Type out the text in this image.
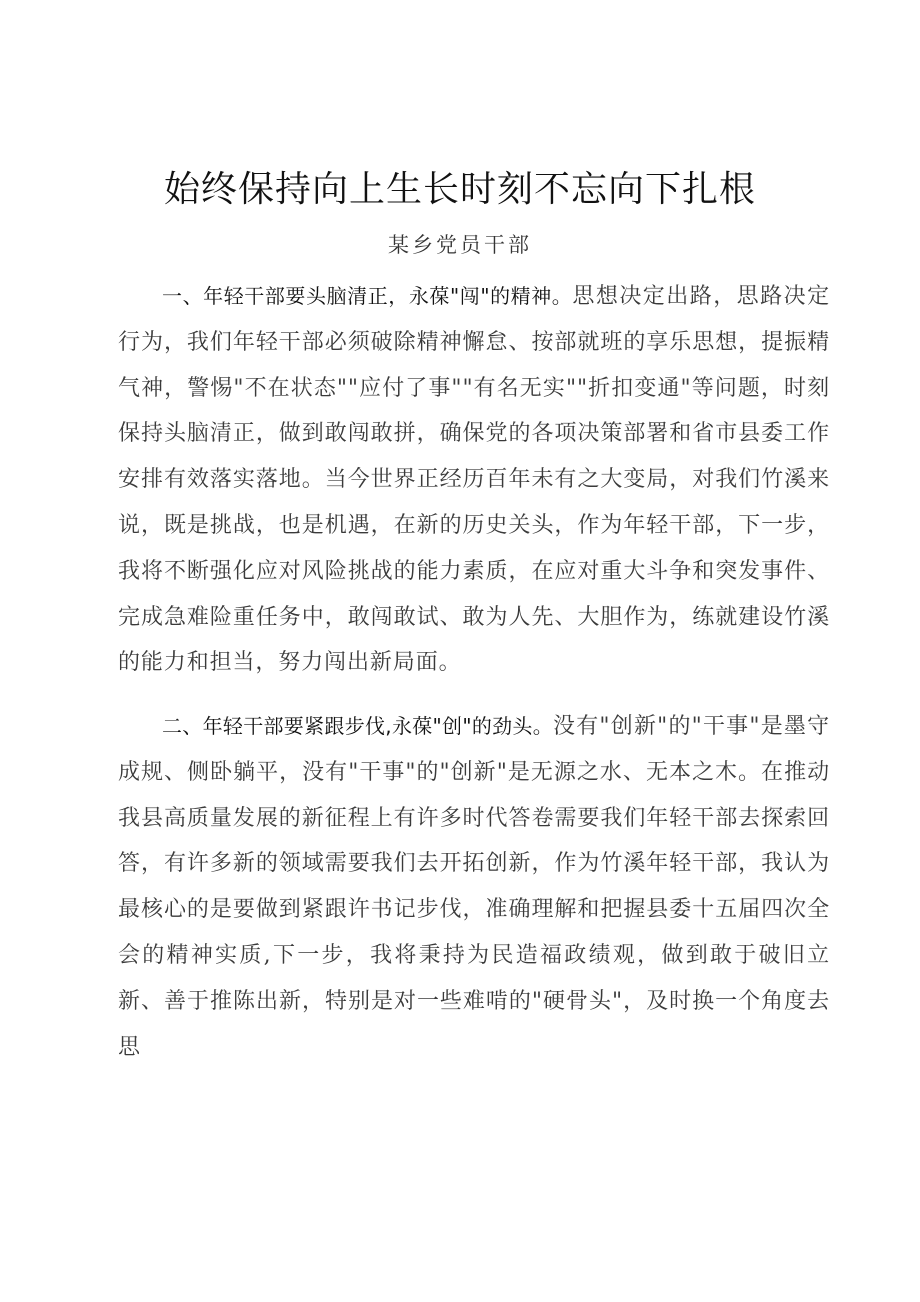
始终保持向上生长时刻不忘向下扎根

某乡党员干部

一、年轻干部要头脑清正，永葆"闯"的精神。思想决定出路，思路决定行为，我们年轻干部必须破除精神懈怠、按部就班的享乐思想，提振精气神，警惕"不在状态""应付了事""有名无实""折扣变通"等问题，时刻保持头脑清正，做到敢闯敢拼，确保党的各项决策部署和省市县委工作安排有效落实落地。当今世界正经历百年未有之大变局，对我们竹溪来说，既是挑战，也是机遇，在新的历史关头，作为年轻干部，下一步，我将不断强化应对风险挑战的能力素质，在应对重大斗争和突发事件、完成急难险重任务中，敢闯敢试、敢为人先、大胆作为，练就建设竹溪的能力和担当，努力闯出新局面。

二、年轻干部要紧跟步伐,永葆"创"的劲头。没有"创新"的"干事"是墨守成规、侧卧躺平，没有"干事"的"创新"是无源之水、无本之木。在推动我县高质量发展的新征程上有许多时代答卷需要我们年轻干部去探索回答，有许多新的领域需要我们去开拓创新，作为竹溪年轻干部，我认为最核心的是要做到紧跟许书记步伐，准确理解和把握县委十五届四次全会的精神实质,下一步，我将秉持为民造福政绩观，做到敢于破旧立新、善于推陈出新，特别是对一些难啃的"硬骨头"，及时换一个角度去思
